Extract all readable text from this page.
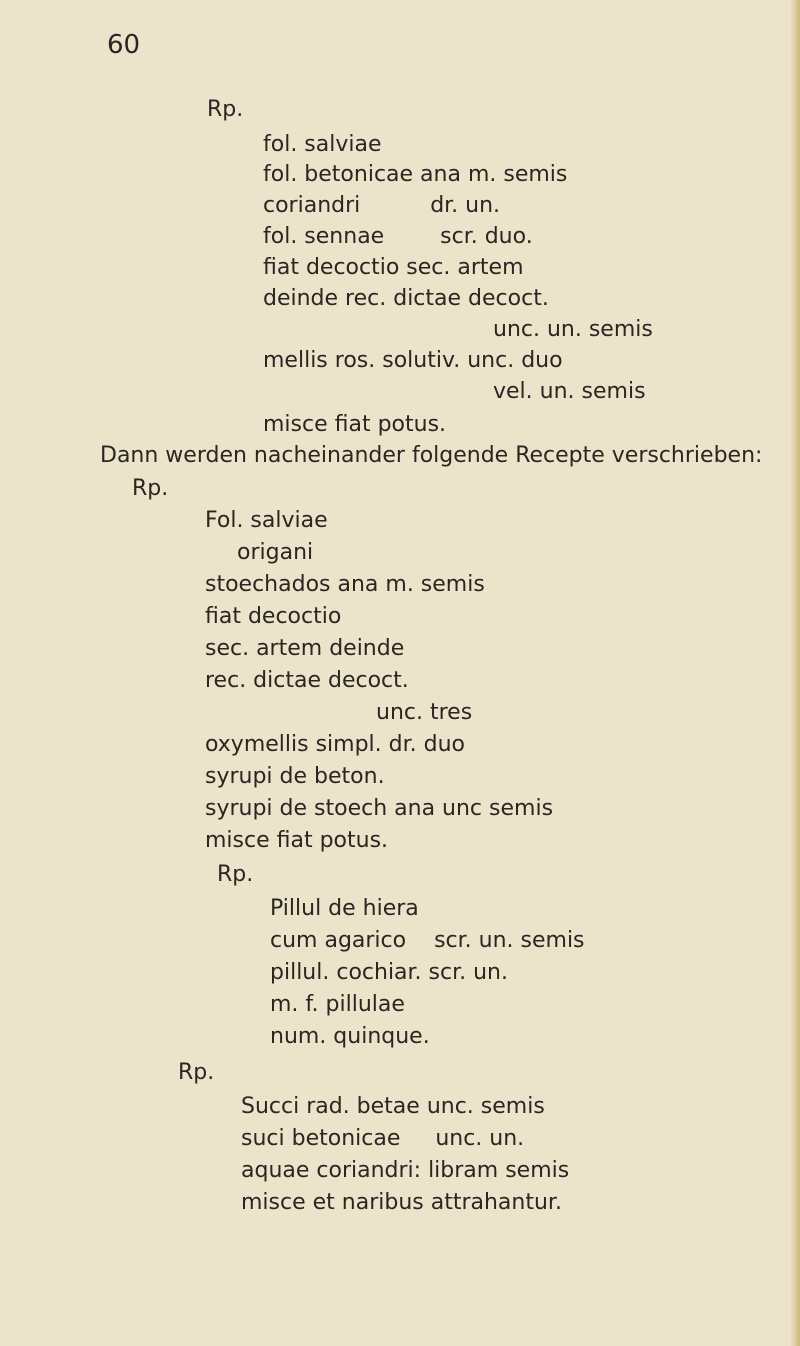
60
Rp.
fol. salviae
fol. betonicae ana m. semis
coriandri          dr. un.
fol. sennae        scr. duo.
fiat decoctio sec. artem
deinde rec. dictae decoct.
unc. un. semis
mellis ros. solutiv. unc. duo
vel. un. semis
misce fiat potus.
Dann werden nacheinander folgende Recepte verschrieben:
Rp.
Fol. salviae
origani
stoechados ana m. semis
fiat decoctio
sec. artem deinde
rec. dictae decoct.
unc. tres
oxymellis simpl. dr. duo
syrupi de beton.
syrupi de stoech ana unc semis
misce fiat potus.
Rp.
Pillul de hiera
cum agarico    scr. un. semis
pillul. cochiar. scr. un.
m. f. pillulae
num. quinque.
Rp.
Succi rad. betae unc. semis
suci betonicae     unc. un.
aquae coriandri: libram semis
misce et naribus attrahantur.
